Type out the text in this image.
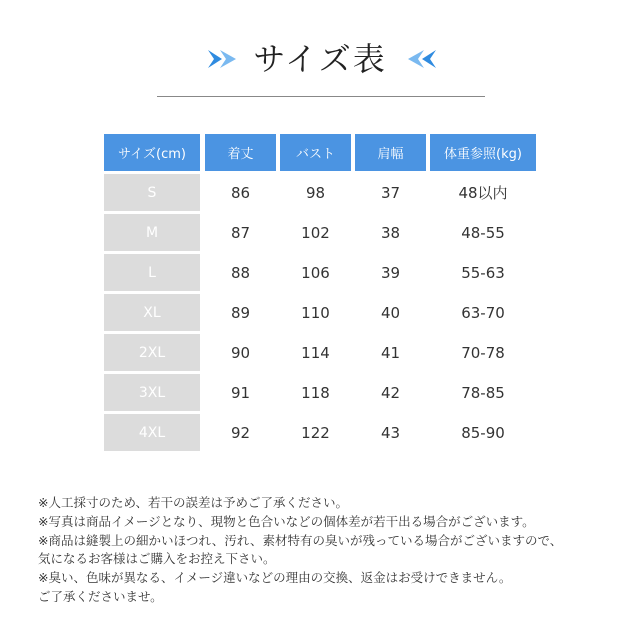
サイズ表
サイズ(cm)	着丈	バスト	肩幅	体重参照(kg)
S	86	98	37	48以内
M	87	102	38	48-55
L	88	106	39	55-63
XL	89	110	40	63-70
2XL	90	114	41	70-78
3XL	91	118	42	78-85
4XL	92	122	43	85-90
※人工採寸のため、若干の誤差は予めご了承ください。
※写真は商品イメージとなり、現物と色合いなどの個体差が若干出る場合がございます。
※商品は縫製上の細かいほつれ、汚れ、素材特有の臭いが残っている場合がございますので、
気になるお客様はご購入をお控え下さい。
※臭い、色味が異なる、イメージ違いなどの理由の交換、返金はお受けできません。
ご了承くださいませ。
